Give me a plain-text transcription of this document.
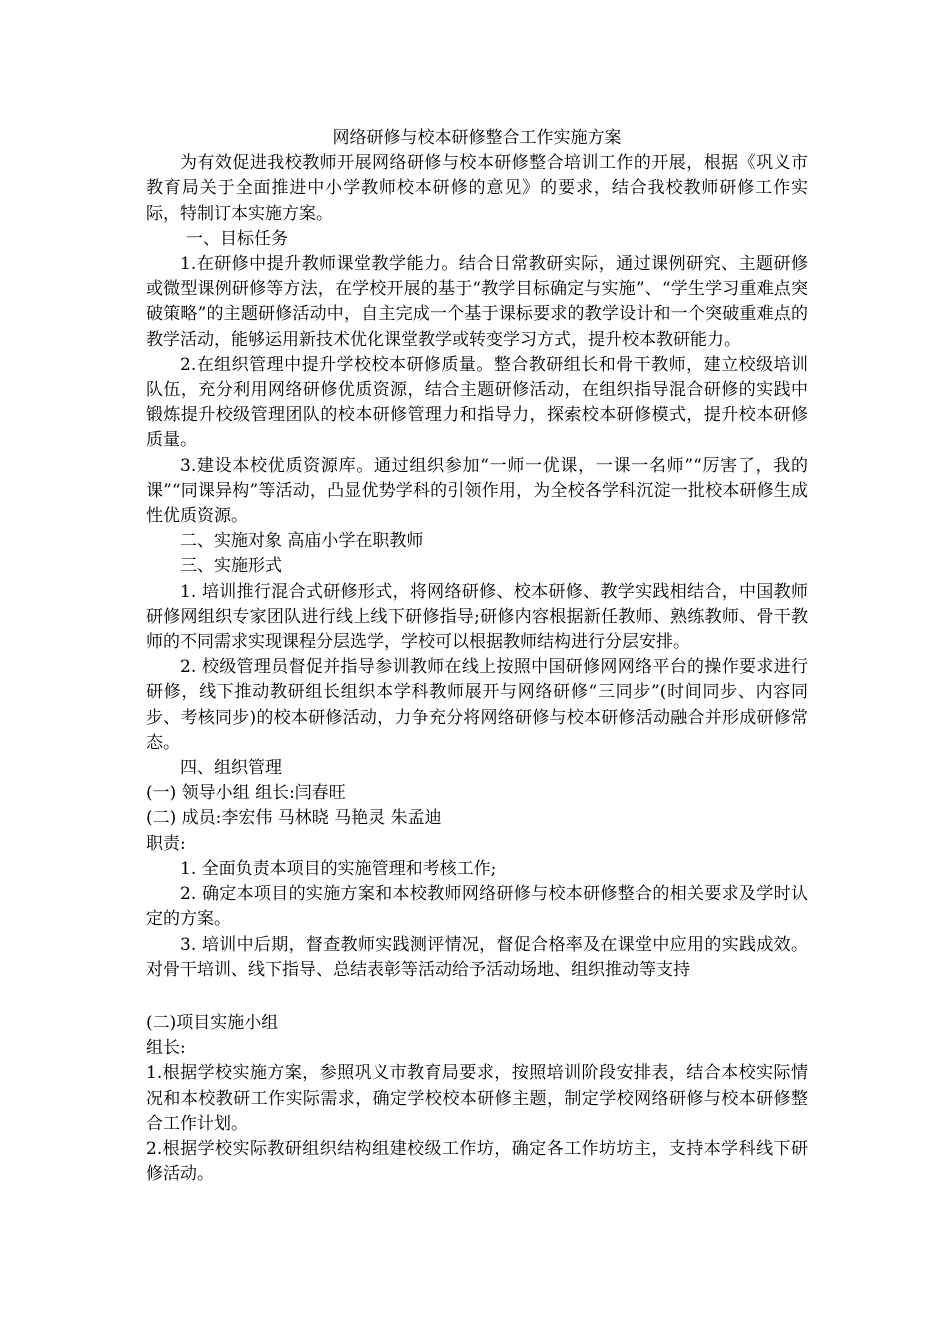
网络研修与校本研修整合工作实施方案

为有效促进我校教师开展网络研修与校本研修整合培训工作的开展，根据《巩义市教育局关于全面推进中小学教师校本研修的意见》的要求，结合我校教师研修工作实际，特制订本实施方案。

一、目标任务

1.在研修中提升教师课堂教学能力。结合日常教研实际，通过课例研究、主题研修或微型课例研修等方法，在学校开展的基于“教学目标确定与实施”、“学生学习重难点突破策略”的主题研修活动中，自主完成一个基于课标要求的教学设计和一个突破重难点的教学活动，能够运用新技术优化课堂教学或转变学习方式，提升校本教研能力。

2.在组织管理中提升学校校本研修质量。整合教研组长和骨干教师，建立校级培训队伍，充分利用网络研修优质资源，结合主题研修活动，在组织指导混合研修的实践中锻炼提升校级管理团队的校本研修管理力和指导力，探索校本研修模式，提升校本研修质量。

3.建设本校优质资源库。通过组织参加“一师一优课，一课一名师”“厉害了，我的课”“同课异构”等活动，凸显优势学科的引领作用，为全校各学科沉淀一批校本研修生成性优质资源。

二、实施对象 高庙小学在职教师

三、实施形式

1. 培训推行混合式研修形式，将网络研修、校本研修、教学实践相结合，中国教师研修网组织专家团队进行线上线下研修指导;研修内容根据新任教师、熟练教师、骨干教师的不同需求实现课程分层选学，学校可以根据教师结构进行分层安排。

2. 校级管理员督促并指导参训教师在线上按照中国研修网网络平台的操作要求进行研修，线下推动教研组长组织本学科教师展开与网络研修“三同步”(时间同步、内容同步、考核同步)的校本研修活动，力争充分将网络研修与校本研修活动融合并形成研修常态。

四、组织管理

(一) 领导小组 组长:闫春旺

(二) 成员:李宏伟 马林晓 马艳灵 朱孟迪

职责:

1. 全面负责本项目的实施管理和考核工作;

2. 确定本项目的实施方案和本校教师网络研修与校本研修整合的相关要求及学时认定的方案。

3. 培训中后期，督查教师实践测评情况，督促合格率及在课堂中应用的实践成效。对骨干培训、线下指导、总结表彰等活动给予活动场地、组织推动等支持

(二)项目实施小组

组长:

1.根据学校实施方案，参照巩义市教育局要求，按照培训阶段安排表，结合本校实际情况和本校教研工作实际需求，确定学校校本研修主题，制定学校网络研修与校本研修整合工作计划。

2.根据学校实际教研组织结构组建校级工作坊，确定各工作坊坊主，支持本学科线下研修活动。
